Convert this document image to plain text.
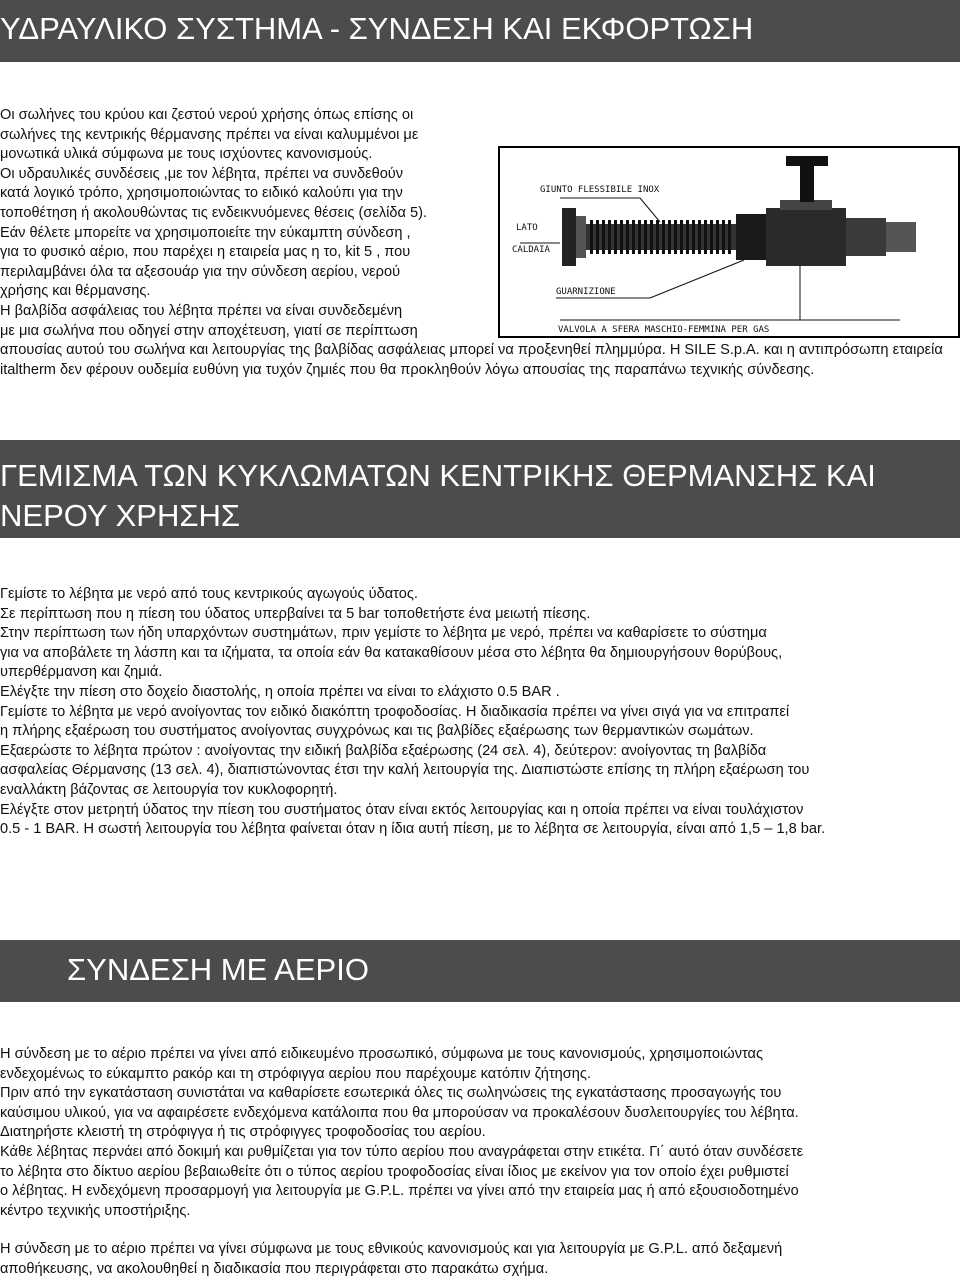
ΥΔΡΑΥΛΙΚΟ ΣΥΣΤΗΜΑ - ΣΥΝΔΕΣΗ ΚΑΙ ΕΚΦΟΡΤΩΣΗ

Οι σωλήνες του κρύου και ζεστού νερού χρήσης όπως επίσης οι

σωλήνες της κεντρικής θέρμανσης πρέπει να είναι καλυμμένοι με

μονωτικά υλικά σύμφωνα με τους ισχύοντες κανονισμούς.

Οι υδραυλικές συνδέσεις ,με τον λέβητα, πρέπει να συνδεθούν

κατά λογικό τρόπο, χρησιμοποιώντας το ειδικό καλούπι για την

τοποθέτηση ή ακολουθώντας τις ενδεικνυόμενες θέσεις (σελίδα 5).

Εάν θέλετε μπορείτε να χρησιμοποιείτε την εύκαμπτη σύνδεση ,

για το φυσικό αέριο, που παρέχει η εταιρεία μας η το, kit 5 , που

περιλαμβάνει όλα τα αξεσουάρ για την σύνδεση αερίου, νερού

χρήσης και θέρμανσης.

Η βαλβίδα ασφάλειας του λέβητα πρέπει να είναι συνδεδεμένη

με μια σωλήνα που οδηγεί στην αποχέτευση, γιατί σε περίπτωση

απουσίας αυτού του σωλήνα και λειτουργίας της βαλβίδας ασφάλειας μπορεί να προξενηθεί πλημμύρα. Η SILE S.p.A. και η αντιπρόσωπη εταιρεία italtherm δεν φέρουν ουδεμία ευθύνη για τυχόν ζημιές που θα προκληθούν λόγω απουσίας της παραπάνω τεχνικής σύνδεσης.

GIUNTO FLESSIBILE INOX
LATO
CALDAIA
GUARNIZIONE
VALVOLA A SFERA MASCHIO-FEMMINA PER GAS
ΓΕΜΙΣΜΑ ΤΩΝ ΚΥΚΛΩΜΑΤΩΝ ΚΕΝΤΡΙΚΗΣ ΘΕΡΜΑΝΣΗΣ ΚΑΙ ΝΕΡΟΥ ΧΡΗΣΗΣ

Γεμίστε το λέβητα με νερό από τους κεντρικούς αγωγούς ύδατος.

Σε περίπτωση που η πίεση του ύδατος υπερβαίνει τα 5 bar τοποθετήστε ένα μειωτή πίεσης.

Στην περίπτωση των ήδη υπαρχόντων συστημάτων, πριν γεμίστε το λέβητα με νερό, πρέπει να καθαρίσετε το σύστημα

για να αποβάλετε τη λάσπη και τα ιζήματα, τα οποία εάν θα κατακαθίσουν μέσα στο λέβητα θα δημιουργήσουν θορύβους,

υπερθέρμανση και ζημιά.

Ελέγξτε την πίεση στο δοχείο διαστολής, η οποία πρέπει να είναι το ελάχιστο 0.5 BAR .

Γεμίστε το λέβητα με νερό ανοίγοντας τον ειδικό διακόπτη τροφοδοσίας. Η διαδικασία πρέπει να γίνει σιγά για να επιτραπεί

η πλήρης εξαέρωση του συστήματος ανοίγοντας συγχρόνως και τις βαλβίδες εξαέρωσης των θερμαντικών σωμάτων.

Εξαερώστε το λέβητα πρώτον : ανοίγοντας την ειδική βαλβίδα εξαέρωσης (24 σελ. 4), δεύτερον: ανοίγοντας τη βαλβίδα

ασφαλείας Θέρμανσης (13 σελ. 4), διαπιστώνοντας έτσι την καλή λειτουργία της. Διαπιστώστε επίσης τη πλήρη εξαέρωση του

εναλλάκτη βάζοντας σε λειτουργία τον κυκλοφορητή.

Ελέγξτε στον μετρητή ύδατος την πίεση του συστήματος όταν είναι εκτός λειτουργίας και η οποία πρέπει να είναι τουλάχιστον

0.5 - 1 BAR. Η σωστή λειτουργία του λέβητα φαίνεται όταν η ίδια αυτή πίεση, με το λέβητα σε λειτουργία, είναι από 1,5 – 1,8 bar.

ΣΥΝΔΕΣΗ ΜΕ ΑΕΡΙΟ

Η σύνδεση με το αέριο πρέπει να γίνει από ειδικευμένο προσωπικό, σύμφωνα με τους κανονισμούς, χρησιμοποιώντας

ενδεχομένως το εύκαμπτο ρακόρ και τη στρόφιγγα αερίου που παρέχουμε κατόπιν ζήτησης.

Πριν από την εγκατάσταση συνιστάται να καθαρίσετε εσωτερικά όλες τις σωληνώσεις της εγκατάστασης προσαγωγής του

καύσιμου υλικού, για να αφαιρέσετε ενδεχόμενα κατάλοιπα που θα μπορούσαν να προκαλέσουν δυσλειτουργίες του λέβητα.

Διατηρήστε κλειστή τη στρόφιγγα ή τις στρόφιγγες τροφοδοσίας του αερίου.

Κάθε λέβητας περνάει από δοκιμή και ρυθμίζεται για τον τύπο αερίου που αναγράφεται στην ετικέτα. Γι΄ αυτό όταν συνδέσετε

το λέβητα στο δίκτυο αερίου βεβαιωθείτε ότι ο τύπος αερίου τροφοδοσίας είναι ίδιος με εκείνον για τον οποίο έχει ρυθμιστεί

ο λέβητας. Η ενδεχόμενη προσαρμογή για λειτουργία με G.P.L. πρέπει να γίνει από την εταιρεία μας ή από εξουσιοδοτημένο

κέντρο τεχνικής υποστήριξης.

Η σύνδεση με το αέριο πρέπει να γίνει σύμφωνα με τους εθνικούς κανονισμούς και για λειτουργία με G.P.L. από δεξαμενή

αποθήκευσης, να ακολουθηθεί η διαδικασία που περιγράφεται στο παρακάτω σχήμα.
